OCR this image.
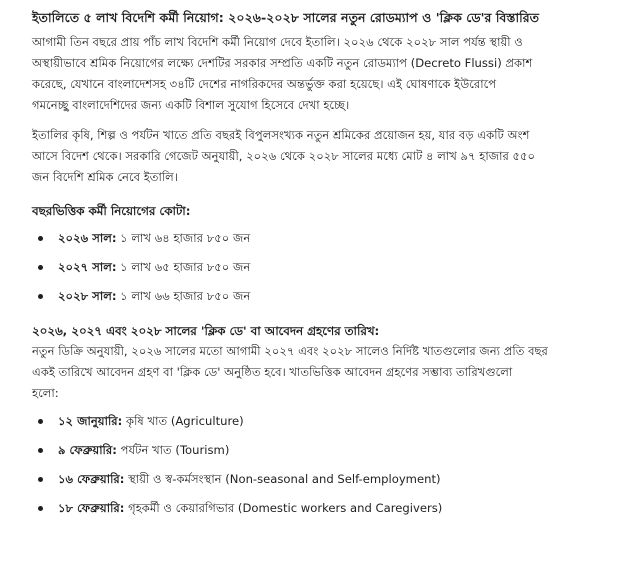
ইতালিতে ৫ লাখ বিদেশি কর্মী নিয়োগ: ২০২৬-২০২৮ সালের নতুন রোডম্যাপ ও 'ক্লিক ডে'র বিস্তারিত

আগামী তিন বছরে প্রায় পাঁচ লাখ বিদেশি কর্মী নিয়োগ দেবে ইতালি। ২০২৬ থেকে ২০২৮ সাল পর্যন্ত স্থায়ী ও
অস্থায়ীভাবে শ্রমিক নিয়োগের লক্ষ্যে দেশটির সরকার সম্প্রতি একটি নতুন রোডম্যাপ (Decreto Flussi) প্রকাশ
করেছে, যেখানে বাংলাদেশসহ ৩৪টি দেশের নাগরিকদের অন্তর্ভুক্ত করা হয়েছে। এই ঘোষণাকে ইউরোপে
গমনেচ্ছু বাংলাদেশিদের জন্য একটি বিশাল সুযোগ হিসেবে দেখা হচ্ছে।

ইতালির কৃষি, শিল্প ও পর্যটন খাতে প্রতি বছরই বিপুলসংখ্যক নতুন শ্রমিকের প্রয়োজন হয়, যার বড় একটি অংশ
আসে বিদেশ থেকে। সরকারি গেজেট অনুযায়ী, ২০২৬ থেকে ২০২৮ সালের মধ্যে মোট ৪ লাখ ৯৭ হাজার ৫৫০
জন বিদেশি শ্রমিক নেবে ইতালি।

বছরভিত্তিক কর্মী নিয়োগের কোটা:
২০২৬ সাল: ১ লাখ ৬৪ হাজার ৮৫০ জন
২০২৭ সাল: ১ লাখ ৬৫ হাজার ৮৫০ জন
২০২৮ সাল: ১ লাখ ৬৬ হাজার ৮৫০ জন
২০২৬, ২০২৭ এবং ২০২৮ সালের 'ক্লিক ডে' বা আবেদন গ্রহণের তারিখ:

নতুন ডিক্রি অনুযায়ী, ২০২৬ সালের মতো আগামী ২০২৭ এবং ২০২৮ সালেও নির্দিষ্ট খাতগুলোর জন্য প্রতি বছর
একই তারিখে আবেদন গ্রহণ বা 'ক্লিক ডে' অনুষ্ঠিত হবে। খাতভিত্তিক আবেদন গ্রহণের সম্ভাব্য তারিখগুলো
হলো:

১২ জানুয়ারি: কৃষি খাত (Agriculture)
৯ ফেব্রুয়ারি: পর্যটন খাত (Tourism)
১৬ ফেব্রুয়ারি: স্থায়ী ও স্ব-কর্মসংস্থান (Non-seasonal and Self-employment)
১৮ ফেব্রুয়ারি: গৃহকর্মী ও কেয়ারগিভার (Domestic workers and Caregivers)
